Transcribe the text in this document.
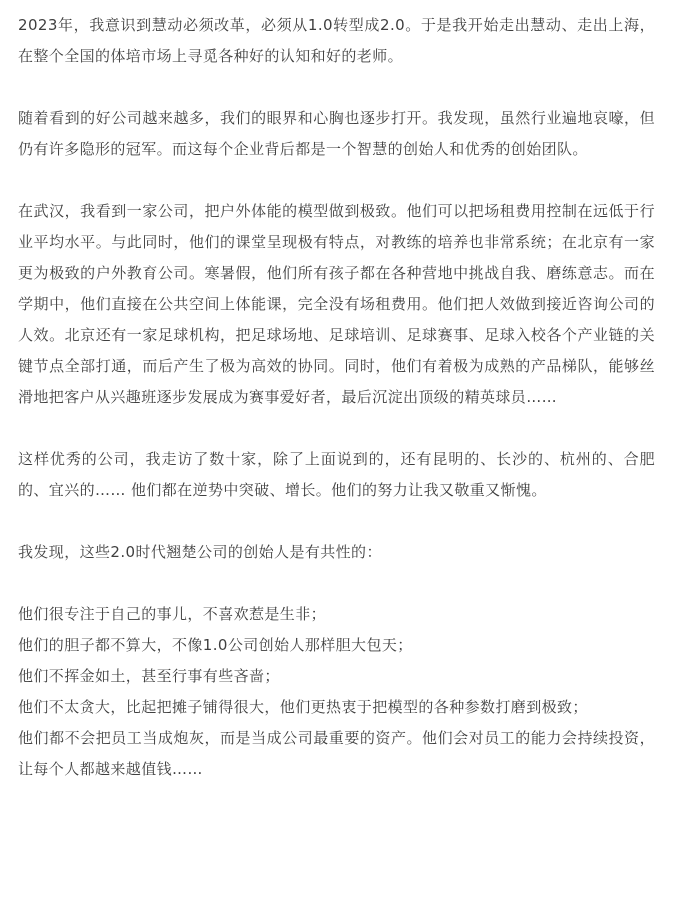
2023年，我意识到慧动必须改革，必须从1.0转型成2.0。于是我开始走出慧动、走出上海，在整个全国的体培市场上寻觅各种好的认知和好的老师。

随着看到的好公司越来越多，我们的眼界和心胸也逐步打开。我发现，虽然行业遍地哀嚎，但仍有许多隐形的冠军。而这每个企业背后都是一个智慧的创始人和优秀的创始团队。

在武汉，我看到一家公司，把户外体能的模型做到极致。他们可以把场租费用控制在远低于行业平均水平。与此同时，他们的课堂呈现极有特点，对教练的培养也非常系统；在北京有一家更为极致的户外教育公司。寒暑假，他们所有孩子都在各种营地中挑战自我、磨练意志。而在学期中，他们直接在公共空间上体能课，完全没有场租费用。他们把人效做到接近咨询公司的人效。北京还有一家足球机构，把足球场地、足球培训、足球赛事、足球入校各个产业链的关键节点全部打通，而后产生了极为高效的协同。同时，他们有着极为成熟的产品梯队，能够丝滑地把客户从兴趣班逐步发展成为赛事爱好者，最后沉淀出顶级的精英球员……

这样优秀的公司，我走访了数十家，除了上面说到的，还有昆明的、长沙的、杭州的、合肥的、宜兴的…… 他们都在逆势中突破、增长。他们的努力让我又敬重又惭愧。

我发现，这些2.0时代翘楚公司的创始人是有共性的：

他们很专注于自己的事儿，不喜欢惹是生非；
他们的胆子都不算大，不像1.0公司创始人那样胆大包天；
他们不挥金如土，甚至行事有些吝啬；
他们不太贪大，比起把摊子铺得很大，他们更热衷于把模型的各种参数打磨到极致；
他们都不会把员工当成炮灰，而是当成公司最重要的资产。他们会对员工的能力会持续投资，让每个人都越来越值钱……
